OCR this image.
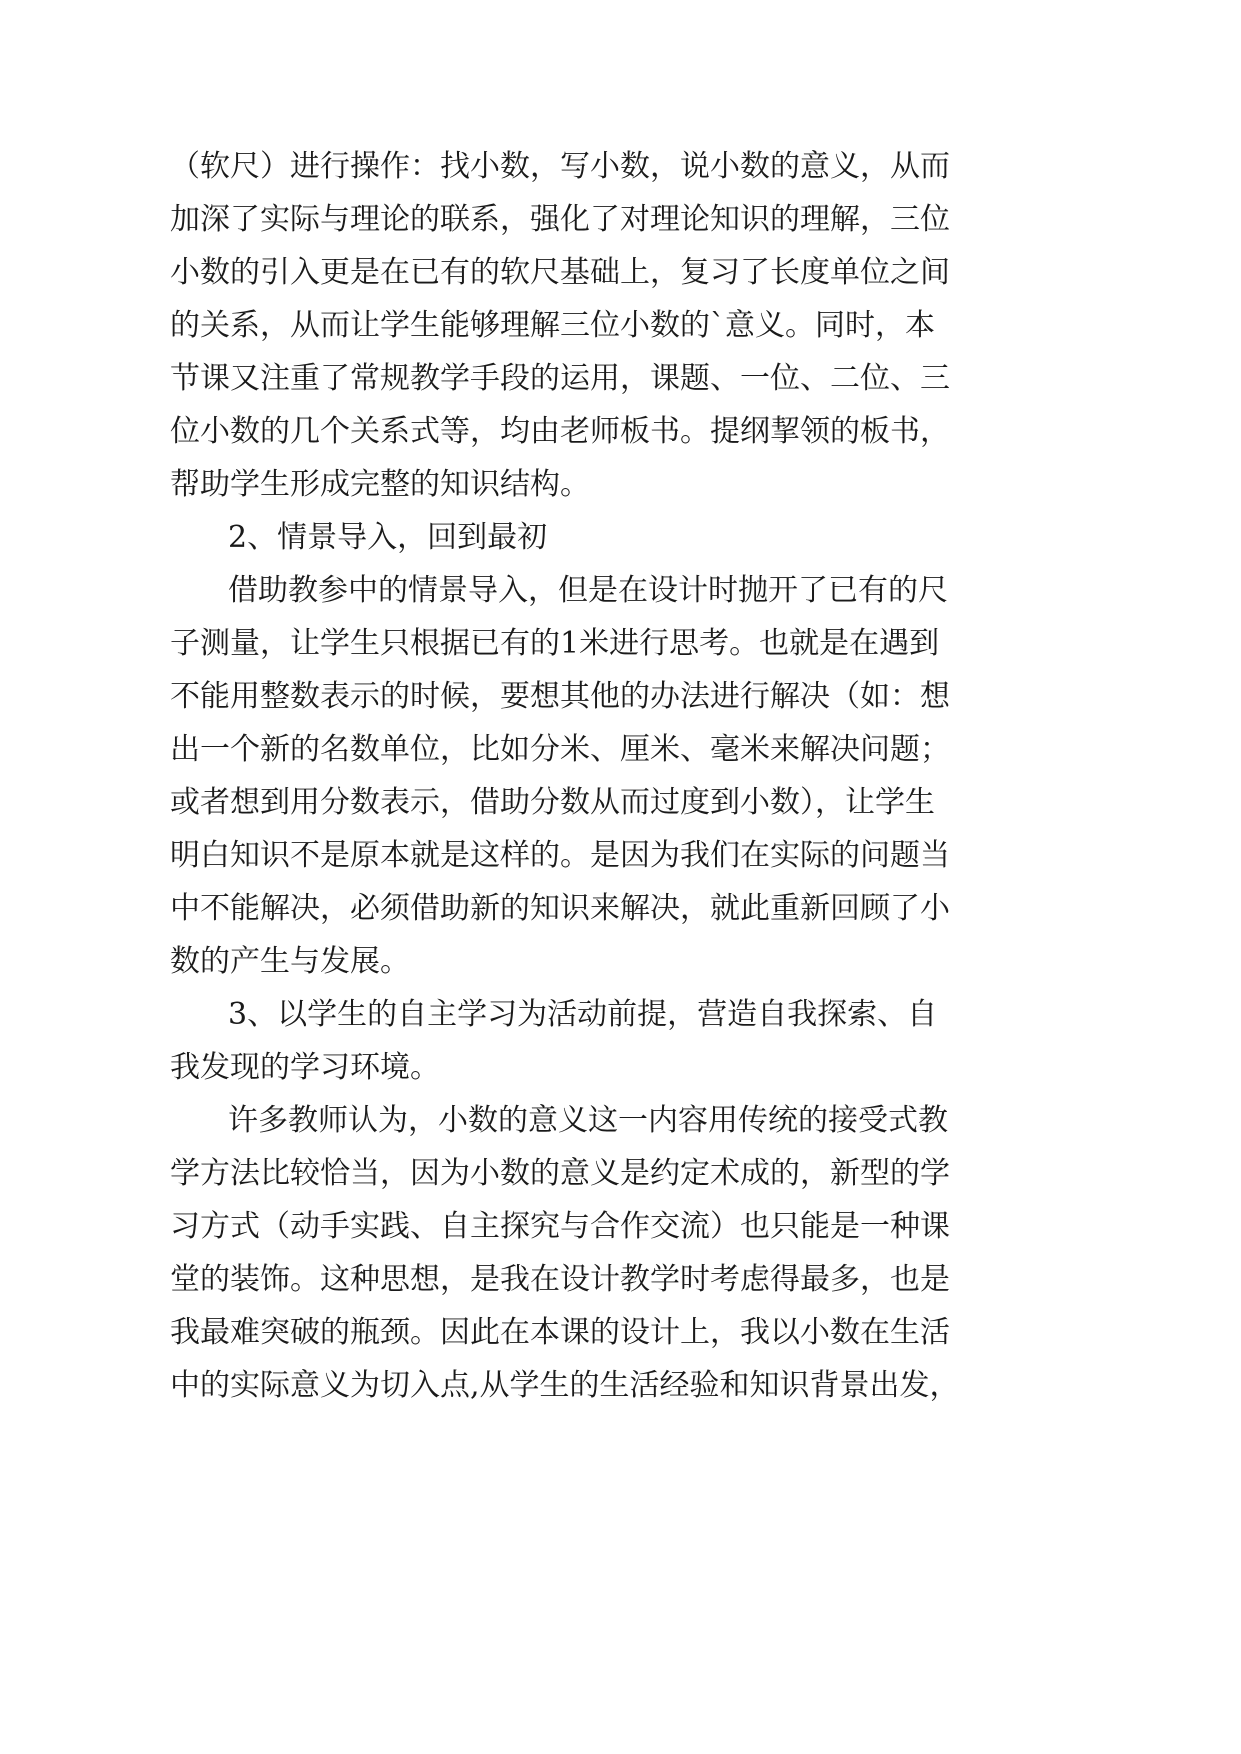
（软尺）进行操作：找小数，写小数，说小数的意义，从而
加深了实际与理论的联系，强化了对理论知识的理解，三位
小数的引入更是在已有的软尺基础上，复习了长度单位之间
的关系，从而让学生能够理解三位小数的`意义。同时，本
节课又注重了常规教学手段的运用，课题、一位、二位、三
位小数的几个关系式等，均由老师板书。提纲挈领的板书，
帮助学生形成完整的知识结构。
2、情景导入，回到最初
借助教参中的情景导入，但是在设计时抛开了已有的尺
子测量，让学生只根据已有的1米进行思考。也就是在遇到
不能用整数表示的时候，要想其他的办法进行解决（如：想
出一个新的名数单位，比如分米、厘米、毫米来解决问题；
或者想到用分数表示，借助分数从而过度到小数），让学生
明白知识不是原本就是这样的。是因为我们在实际的问题当
中不能解决，必须借助新的知识来解决，就此重新回顾了小
数的产生与发展。
3、以学生的自主学习为活动前提，营造自我探索、自
我发现的学习环境。
许多教师认为，小数的意义这一内容用传统的接受式教
学方法比较恰当，因为小数的意义是约定术成的，新型的学
习方式（动手实践、自主探究与合作交流）也只能是一种课
堂的装饰。这种思想，是我在设计教学时考虑得最多，也是
我最难突破的瓶颈。因此在本课的设计上，我以小数在生活
中的实际意义为切入点,从学生的生活经验和知识背景出发，
